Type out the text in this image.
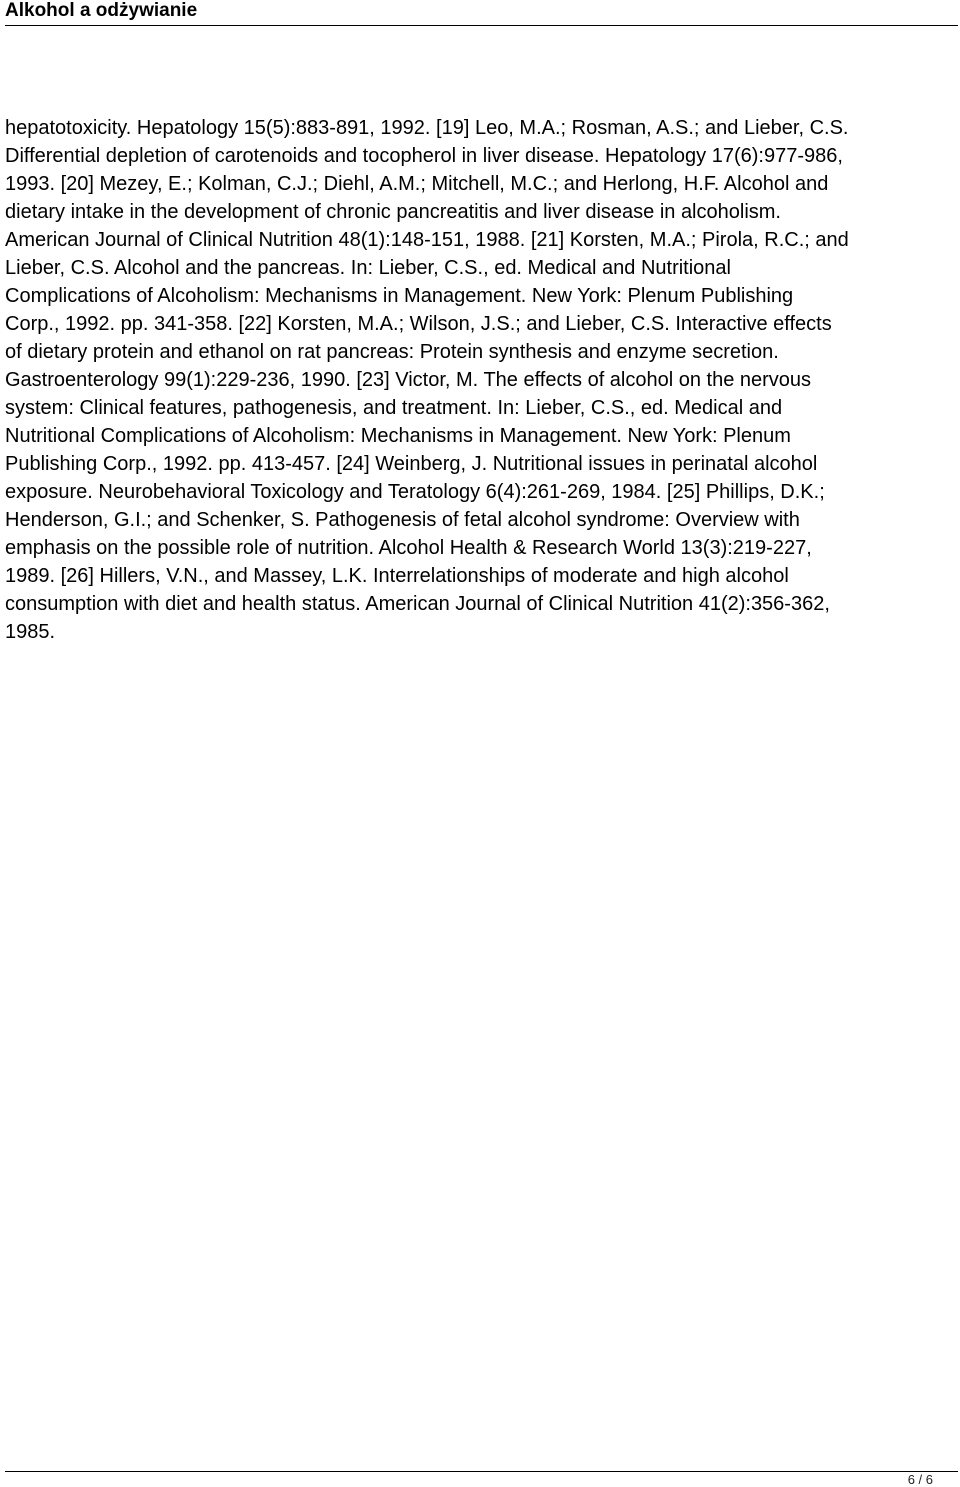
Alkohol a odżywianie
hepatotoxicity. Hepatology 15(5):883-891, 1992. [19] Leo, M.A.; Rosman, A.S.; and Lieber, C.S.
Differential depletion of carotenoids and tocopherol in liver disease. Hepatology 17(6):977-986,
1993. [20] Mezey, E.; Kolman, C.J.; Diehl, A.M.; Mitchell, M.C.; and Herlong, H.F. Alcohol and
dietary intake in the development of chronic pancreatitis and liver disease in alcoholism.
American Journal of Clinical Nutrition 48(1):148-151, 1988. [21] Korsten, M.A.; Pirola, R.C.; and
Lieber, C.S. Alcohol and the pancreas. In: Lieber, C.S., ed. Medical and Nutritional
Complications of Alcoholism: Mechanisms in Management. New York: Plenum Publishing
Corp., 1992. pp. 341-358. [22] Korsten, M.A.; Wilson, J.S.; and Lieber, C.S. Interactive effects
of dietary protein and ethanol on rat pancreas: Protein synthesis and enzyme secretion.
Gastroenterology 99(1):229-236, 1990. [23] Victor, M. The effects of alcohol on the nervous
system: Clinical features, pathogenesis, and treatment. In: Lieber, C.S., ed. Medical and
Nutritional Complications of Alcoholism: Mechanisms in Management. New York: Plenum
Publishing Corp., 1992. pp. 413-457. [24] Weinberg, J. Nutritional issues in perinatal alcohol
exposure. Neurobehavioral Toxicology and Teratology 6(4):261-269, 1984. [25] Phillips, D.K.;
Henderson, G.I.; and Schenker, S. Pathogenesis of fetal alcohol syndrome: Overview with
emphasis on the possible role of nutrition. Alcohol Health & Research World 13(3):219-227,
1989. [26] Hillers, V.N., and Massey, L.K. Interrelationships of moderate and high alcohol
consumption with diet and health status. American Journal of Clinical Nutrition 41(2):356-362,
1985.
6 / 6
